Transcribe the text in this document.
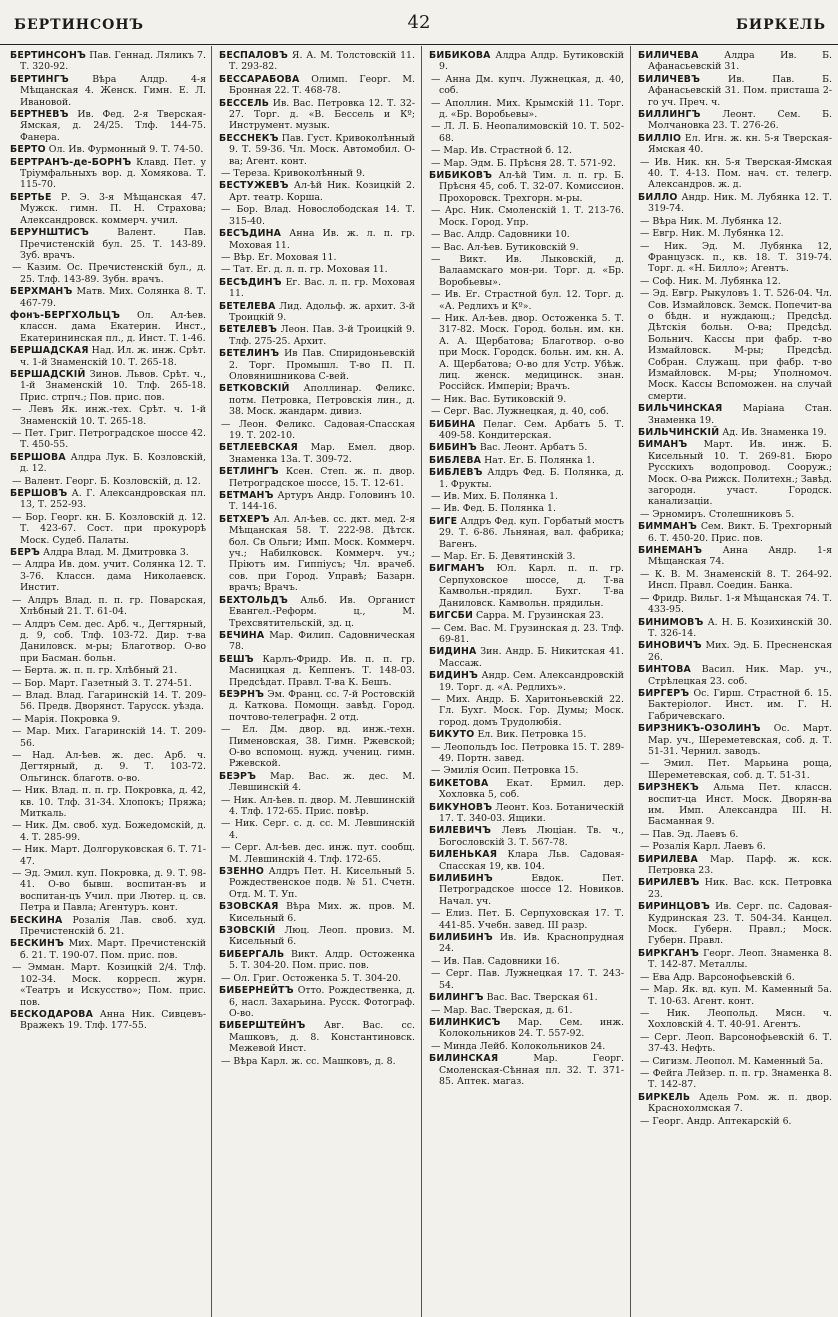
БЕРТИНСОНЪ	42	БИРКЕЛЬ
БЕРТИНСОНЪ Пав. Геннад. Ляликъ 7. Т. 320-92.
БЕРТИНГЪ Вѣра Алдр. 4-я Мѣщанская 4. Женск. Гимн. Е. Л. Ивановой.
БЕРТНЕВЪ Ив. Фед. 2-я Тверская-Ямская, д. 24/25. Тлф. 144-75. Фанера.
БЕРТО Ол. Ив. Фурмонный 9. Т. 74-50.
БЕРТРАНЪ-де-БОРНЪ Клавд. Пет. у Тріумфальныхъ вор. д. Хомякова. Т. 115-70.
БЕРТЬЕ Р. Э. 3-я Мѣщанская 47. Мужск. гимн. П. Н. Страхова; Александровск. коммерч. учил.
БЕРУНШТИСЪ	Валент. Пав. Пречистенскій бул. 25. Т. 143-89. Зуб. врачъ.
— Казим. Ос. Пречистенскій бул., д. 25. Тлф. 143-89. Зубн. врачъ.
БЕРХМАНЪ Матв. Мих. Солянка 8. Т. 467-79.
фонъ-БЕРГХОЛЬЦЪ Ол. Ал-ѣев. классн. дама Екатерин. Инст., Екатерининская пл., д. Инст. Т. 1-46.
БЕРШАДСКАЯ Над. Ил. ж. инж. Срѣт. ч. 1-й Знаменскій 10. Т. 265-18.
БЕРШАДСКІЙ Зинов. Львов. Срѣт. ч., 1-й Знаменскій 10. Тлф. 265-18. Прис. стрпч.; Пов. прис. пов.
— Левъ Як. инж.-тех. Срѣт. ч. 1-й Знаменскій 10. Т. 265-18.
— Пет. Григ. Петроградское шоссе 42. Т. 450-55.
БЕРШОВА Алдра Лук. Б. Козловскій, д. 12.
— Валент. Георг. Б. Козловскій, д. 12.
БЕРШОВЪ А. Г. Александровская пл. 13, Т. 252-93.
— Бор. Георг. кн. Б. Козловскій д. 12. Т. 423-67. Сост. при прокурорѣ Моск. Судеб. Палаты.
БЕРЪ Алдра Влад. М. Дмитровка 3.
— Алдра Ив. дом. учит. Солянка 12. Т. 3-76. Классн. дама Николаевск. Инстит.
— Алдръ Влад. п. п. гр. Поварская, Хлѣбный 21. Т. 61-04.
— Алдръ Сем. дес. Арб. ч., Дегтярный, д. 9, соб. Тлф. 103-72. Дир. т-ва Даниловск. м-ры; Благотвор. О-во при Басман. больн.
— Берта. ж. п. п. гр. Хлѣбный 21.
— Бор. Март. Газетный 3. Т. 274-51.
— Влад. Влад. Гагаринскій 14. Т. 209-56. Предв. Дворянст. Тарусск. уѣзда.
— Марія. Покровка 9.
— Мар. Мих. Гагаринскій 14. Т. 209-56.
— Над. Ал-ѣев. ж. дес. Арб. ч. Дегтярный, д. 9. Т. 103-72. Ольгинск. благотв. о-во.
— Ник. Влад. п. п. гр. Покровка, д. 42, кв. 10. Тлф. 31-34. Хлопокъ; Пряжа; Миткаль.
— Ник. Дм. своб. худ. Божедомскій, д. 4. Т. 285-99.
— Ник. Март. Долгоруковская 6. Т. 71-47.
— Эд. Эмил. куп. Покровка, д. 9. Т. 98-41. О-во бывш. воспитан-въ и воспитан-цъ Учил. при Лютер. ц. св. Петра и Павла; Агентуръ. конт.
БЕСКИНА Розалія Лав. своб. худ. Пречистенскій б. 21.
БЕСКИНЪ Мих. Март. Пречистенскій б. 21. Т. 190-07. Пом. прис. пов.
— Эмман. Март. Козицкій 2/4. Тлф. 102-34. Моск. корресп. журн. «Театръ и Искусство»; Пом. прис. пов.
БЕСКОДАРОВА Анна Ник. Сивцевъ-Вражекъ 19. Тлф. 177-55.
БЕСПАЛОВЪ Я. А. М. Толстовскій 11. Т. 293-82.
БЕССАРАБОВА Олимп. Георг. М. Бронная 22. Т. 468-78.
БЕССЕЛЬ Ив. Вас. Петровка 12. Т. 32-27. Торг. д. «В. Бессель и Кº; Инструмент. музык.
БЕССНЕКЪ Пав. Густ. Кривоколѣнный 9. Т. 59-36. Чл. Моск. Автомобил. О-ва; Агент. конт.
— Тереза. Кривоколѣнный 9.
БЕСТУЖЕВЪ Ал-ѣй Ник. Козицкій 2. Арт. театр. Корша.
— Бор. Влад. Новослободская 14. Т. 315-40.
БЕСЪДИНА Анна Ив. ж. л. п. гр. Моховая 11.
— Вѣр. Ег. Моховая 11.
— Тат. Ег. д. л. п. гр. Моховая 11.
БЕСѢДИНЪ Ег. Вас. л. п. гр. Моховая 11.
БЕТЕЛЕВА Лид. Адольф. ж. архит. 3-й Троицкій 9.
БЕТЕЛЕВЪ Леон. Пав. 3-й Троицкій 9. Тлф. 275-25. Архит.
БЕТЕЛИНЪ Ив Пав. Спиридоньевскій 2. Торг. Промышл. Т-во П. П. Оловянишникова С-вей.
БЕТКОВСКІЙ Аполлинар. Феликс. потм. Петровка, Петровскія лин., д. 38. Моск. жандарм. дивиз.
— Леон. Феликс. Садовая-Спасская 19. Т. 202-10.
БЕТЛЕЕВСКАЯ Мар. Емел. двор. Знаменка 13а. Т. 309-72.
БЕТЛИНГЪ Ксен. Степ. ж. п. двор. Петроградское шоссе, 15. Т. 12-61.
БЕТМАНЪ Артуръ Андр. Головинъ 10. Т. 144-16.
БЕТХЕРЪ Ал. Ал-ѣев. сс. дкт. мед. 2-я Мѣщанская 58. Т. 222-98. Дѣтск. бол. Св Ольги; Имп. Моск. Коммерч. уч.; Набилковск. Коммерч. уч.; Пріютъ им. Гиппіусъ; Чл. врачеб. сов. при Город. Управѣ; Базарн. врачъ; Врачъ.
БЕХТОЛЬДЪ Альб. Ив. Органист Евангел.-Реформ. ц., М. Трехсвятительскій, зд. ц.
БЕЧИНА Мар. Филип. Садовническая 78.
БЕШЪ Карлъ-Фридр. Ив. п. п. гр. Масницкая д. Кеппенъ. Т. 148-03. Предсѣдат. Правл. Т-ва К. Бешъ.
БЕЭРНЪ Эм. Франц. сс. 7-й Ростовскій д. Каткова. Помощн. завѣд. Город. почтово-телеграфн. 2 отд.
— Ел. Дм. двор. вд. инж.-техн. Пименовская, 38. Гимн. Ржевской; О-во вспомощ. нужд. учениц. гимн. Ржевской.
БЕЭРЪ Мар. Вас. ж. дес. М. Левшинскій 4.
— Ник. Ал-ѣев. п. двор. М. Левшинскій 4. Тлф. 172-65. Прис. повѣр.
— Ник. Серг. с. д. сс. М. Левшинскій 4.
— Серг. Ал-ѣев. дес. инж. пут. сообщ. М. Левшинскій 4. Тлф. 172-65.
БЗЕННО Алдръ Пет. Н. Кисельный 5. Рождественское подв. № 51. Счетн. Отд. М. Т. Уп.
БЗОВСКАЯ Вѣра Мих. ж. пров. М. Кисельный 6.
БЗОВСКІЙ Люц. Леоп. провиз. М. Кисельный 6.
БИБЕРГАЛЬ Викт. Алдр. Остоженка 5. Т. 304-20. Пом. прис. пов.
— Ол. Григ. Остоженка 5. Т. 304-20.
БИБЕРНЕЙТЪ Отто. Рождественка, д. 6, насл. Захарьина. Русск. Фотограф. О-во.
БИБЕРШТЕЙНЪ Авг. Вас. сс. Машковъ, д. 8. Константиновск. Межевой Инст.
— Вѣра Карл. ж. сс. Машковъ, д. 8.
БИБИКОВА Алдра Алдр. Бутиковскій 9.
— Анна Дм. купч. Лужнецкая, д. 40, соб.
— Аполлин. Мих. Крымскій 11. Торг. д. «Бр. Воробьевы».
— Л. Л. Б. Неопалимовскій 10. Т. 502-68.
— Мар. Ив. Страстной б. 12.
— Мар. Эдм. Б. Прѣсня 28. Т. 571-92.
БИБИКОВЪ Ал-ѣй Тим. л. п. гр. Б. Прѣсня 45, соб. Т. 32-07. Комиссион. Прохоровск. Трехгорн. м-ры.
— Арс. Ник. Смоленскій 1. Т. 213-76. Моск. Город. Упр.
— Вас. Алдр. Садовники 10.
— Вас. Ал-ѣев. Бутиковскій 9.
— Викт. Ив. Лыковскій, д. Валаамскаго мон-ри. Торг. д. «Бр. Воробьевы».
— Ив. Ег. Страстной бул. 12. Торг. д. «А. Редлихъ и Кº».
— Ник. Ал-ѣев. двор. Остоженка 5. Т. 317-82. Моск. Город. больн. им. кн. А. А. Щербатова; Благотвор. о-во при Моск. Городск. больн. им. кн. А. А. Щербатова; О-во для Устр. Убѣж. лиц. женск. медицинск. знан. Россійск. Имперіи; Врачъ.
— Ник. Вас. Бутиковскій 9.
— Серг. Вас. Лужнецкая, д. 40, соб.
БИБИНА Пелаг. Сем. Арбатъ 5. Т. 409-58. Кондитерская.
БИБИНЪ Вас. Леонт. Арбатъ 5.
БИБЛЕВА Нат. Ег. Б. Полянка 1.
БИБЛЕВЪ Алдръ Фед. Б. Полянка, д. 1. Фрукты.
— Ив. Мих. Б. Полянка 1.
— Ив. Фед. Б. Полянка 1.
БИГЕ Алдръ Фед. куп. Горбатый мостъ 29. Т. 6-86. Льняная, вал. фабрика; Вагенъ.
— Мар. Ег. Б. Девятинскій 3.
БИГМАНЪ Юл. Карл. п. п. гр. Серпуховское шоссе, д. Т-ва Камвольн.-прядил. Бухг. Т-ва Даниловск. Камвольн. прядильн.
БИГСБИ Сарра. М. Грузинская 23.
— Сем. Вас. М. Грузинская д. 23. Тлф. 69-81.
БИДИНА Зин. Андр. Б. Никитская 41. Массаж.
БИДИНЪ Андр. Сем. Александровскій 19. Торг. д. «А. Редлихъ».
— Мих. Андр. Б. Харитоньевскій 22. Гл. Бухг. Моск. Гор. Думы; Моск. город. домъ Трудолюбія.
БИКУТО Ел. Вик. Петровка 15.
— Леопольдъ Іос. Петровка 15. Т. 289-49. Портн. завед.
— Эмилія Осип. Петровка 15.
БИКЕТОВА Екат. Ермил. дер. Хохловка 5, соб.
БИКУНОВЪ Леонт. Коз. Ботаническій 17. Т. 340-03. Ящики.
БИЛЕВИЧЪ Левъ Люціан. Тв. ч., Богословскій 3. Т. 567-78.
БИЛЕНЬКАЯ Клара Льв. Садовая-Спасская 19, кв. 104.
БИЛИБИНЪ	Евдок. Пет. Петроградское шоссе 12. Новиков. Начал. уч.
— Елиз. Пет. Б. Серпуховская 17. Т. 441-85. Учебн. завед. III разр.
БИЛИБИНЪ Ив. Ив. Краснопрудная 24.
— Ив. Пав. Садовники 16.
— Серг. Пав. Лужнецкая 17. Т. 243-54.
БИЛИНГЪ Вас. Вас. Тверская 61.
— Мар. Вас. Тверская, д. 61.
БИЛИНКИСЪ Мар. Сем. инж. Колокольников 24. Т. 557-92.
— Минда Лейб. Колокольников 24.
БИЛИНСКАЯ	Мар. Георг. Смоленская-Сѣнная пл. 32. Т. 371-85. Аптек. магаз.
БИЛИЧЕВА	Алдра Ив. Б. Афанасьевскій 31.
БИЛИЧЕВЪ	Ив. Пав. Б. Афанасьевскій 31. Пом. присташа 2-го уч. Преч. ч.
БИЛЛИНГЪ Леонт. Сем. Б. Молчановка 23. Т. 276-26.
БИЛЛІО Ел. Игн. ж. кн. 5-я Тверская-Ямская 40.
— Ив. Ник. кн. 5-я Тверская-Ямская 40. Т. 4-13. Пом. нач. ст. телегр. Александров. ж. д.
БИЛЛО Андр. Ник. М. Лубянка 12. Т. 319-74.
— Вѣра Ник. М. Лубянка 12.
— Евгр. Ник. М. Лубянка 12.
— Ник. Эд. М. Лубянка 12, Французск. п., кв. 18. Т. 319-74. Торг. д. «Н. Билло»; Агентъ.
— Соф. Ник. М. Лубянка 12.
— Эд. Евгр. Рыкуловъ 1. Т. 526-04. Чл. Сов. Измайловск. Земск. Попечит-ва о бѣдн. и нуждающ.; Предсѣд. Дѣтскія больн. О-ва; Предсѣд. Больнич. Кассы при фабр. т-во Измайловск. М-ры; Предсѣд. Собран. Служащ. при фабр. т-во Измайловск. М-ры; Уполномоч. Моск. Кассы Вспоможен. на случай смерти.
БИЛЬЧИНСКАЯ Маріана Стан. Знаменка 19.
БИЛЬЧИНСКІЙ Ад. Ив. Знаменка 19.
БИМАНЪ Март. Ив. инж. Б. Кисельный 10. Т. 269-81. Бюро Русскихъ водопровод. Сооруж.; Моск. О-ва Рижск. Политехн.; Завѣд. загородн. участ. Городск. канализаціи.
— Эрномиръ. Столешниковъ 5.
БИММАНЪ Сем. Викт. Б. Трехгорный 6. Т. 450-20. Прис. пов.
БИНЕМАНЪ Анна Андр. 1-я Мѣщанская 74.
— К. В. М. Знаменскій 8. Т. 264-92. Инсп. Правл. Соедин. Банка.
— Фридр. Вильг. 1-я Мѣщанская 74. Т. 433-95.
БИНИМОВЪ А. Н. Б. Козихинскій 30. Т. 326-14.
БИНОВИЧЪ Мих. Эд. Б. Пресненская 26.
БИНТОВА Васил. Ник. Мар. уч., Стрѣлецкая 23. соб.
БИРГЕРЪ Ос. Гирш. Страстной б. 15. Бактеріолог. Инст. им. Г. Н. Габричевскаго.
БИРЗНИКЪ-ОЗОЛИНЪ Ос. Март. Мар. уч., Шереметевская, соб. д. Т. 51-31. Чернил. заводъ.
— Эмил. Пет. Марьина роща, Шереметевская, соб. д. Т. 51-31.
БИРЗНЕКЪ Альма Пет. классн. воспит-ца Инст. Моск. Дворян-ва им. Имп. Александра III. Н. Басманная 9.
— Пав. Эд. Лаевъ 6.
— Розалія Карл. Лаевъ 6.
БИРИЛЕВА Мар. Парф. ж. кск. Петровка 23.
БИРИЛЕВЪ Ник. Вас. кск. Петровка 23.
БИРИНЦОВЪ Ив. Серг. пс. Садовая-Кудринская 23. Т. 504-34. Канцел. Моск. Губерн. Правл.; Моск. Губерн. Правл.
БИРКГАНЪ Георг. Леоп. Знаменка 8. Т. 142-87. Металлы.
— Ева Адр. Варсонофьевскій 6.
— Мар. Як. вд. куп. М. Каменный 5а. Т. 10-63. Агент. конт.
— Ник. Леопольд. Мясн. ч. Хохловскій 4. Т. 40-91. Агентъ.
— Серг. Леоп. Варсонофьевскій 6. Т. 37-43. Нефть.
— Сигизм. Леопол. М. Каменный 5а.
— Фейга Лейзер. п. п. гр. Знаменка 8. Т. 142-87.
БИРКЕЛЬ Адель Ром. ж. п. двор. Краснохолмская 7.
— Георг. Андр. Аптекарскій 6.
